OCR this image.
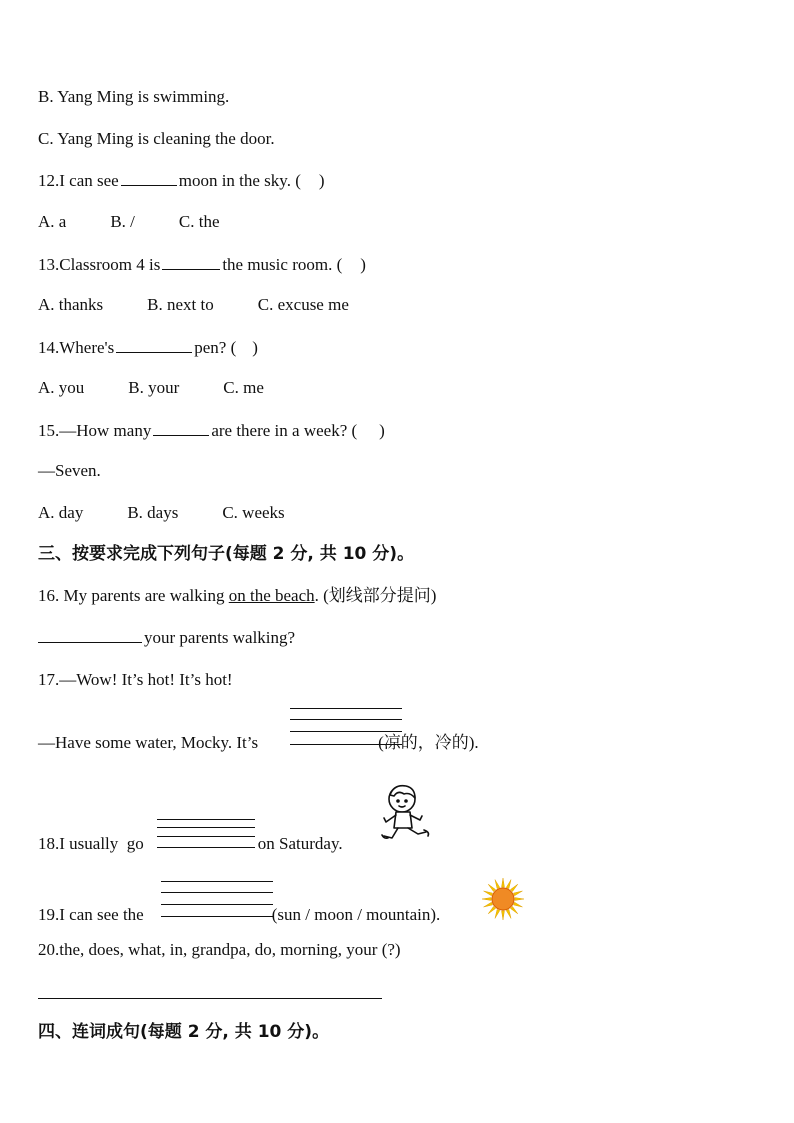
B. Yang Ming is swimming.
C. Yang Ming is cleaning the door.
12.I can see	moon in the sky. ( )
A. a	B. /	C. the
13.Classroom 4 is	the music room. ( )
A. thanks	B. next to	C. excuse me
14.Where's	pen? ( )
A. you	B. your	C. me
15.—How many	are there in a week? ( )
—Seven.
A. day	B. days	C. weeks
三、按要求完成下列句子(每题 2 分, 共 10 分)。
16. My parents are walking on the beach. (划线部分提问)
your parents walking?
17.—Wow! It’s hot! It’s hot!
—Have some water, Mocky. It’s	(凉的，冷的).
18.I usually  go	on Saturday.
19.I can see the	(sun / moon / mountain).
20.the, does, what, in, grandpa, do, morning, your (?)
四、连词成句(每题 2 分, 共 10 分)。
